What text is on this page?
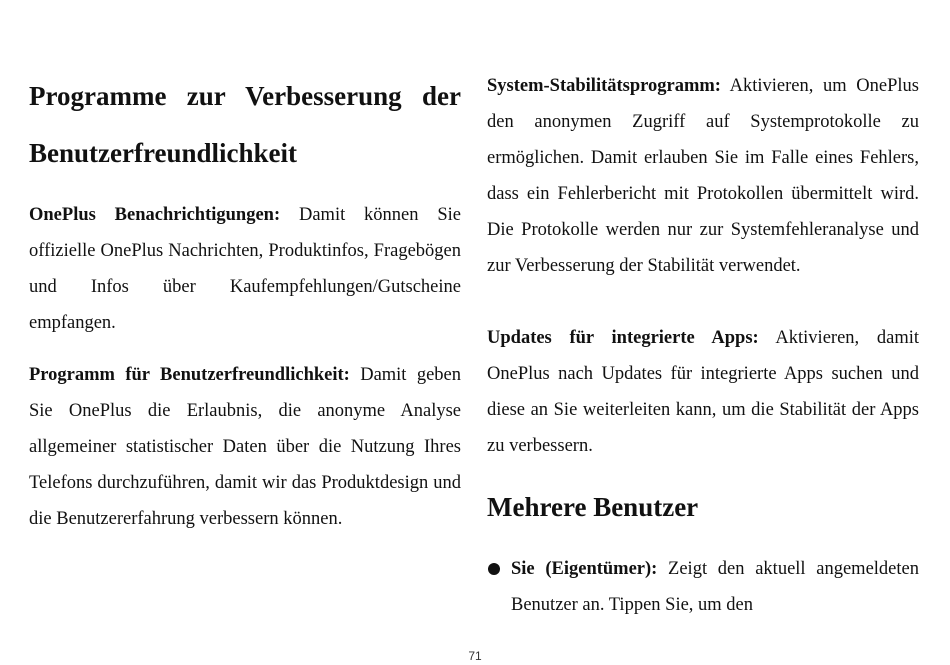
Programme zur Verbesserung der
Benutzerfreundlichkeit

OnePlus Benachrichtigungen: Damit können Sie offizielle OnePlus Nachrichten, Produktinfos, Fragebögen und Infos über Kaufempfehlungen/Gutscheine empfangen.

Programm für Benutzerfreundlichkeit: Damit geben Sie OnePlus die Erlaubnis, die anonyme Analyse allgemeiner statistischer Daten über die Nutzung Ihres Telefons durchzuführen, damit wir das Produktdesign und die Benutzererfahrung verbessern können.

System-Stabilitätsprogramm: Aktivieren, um OnePlus den anonymen Zugriff auf Systemprotokolle zu ermöglichen. Damit erlauben Sie im Falle eines Fehlers, dass ein Fehlerbericht mit Protokollen übermittelt wird. Die Protokolle werden nur zur Systemfehleranalyse und zur Verbesserung der Stabilität verwendet.

Updates für integrierte Apps: Aktivieren, damit OnePlus nach Updates für integrierte Apps suchen und diese an Sie weiterleiten kann, um die Stabilität der Apps zu verbessern.

Mehrere Benutzer
Sie (Eigentümer): Zeigt den aktuell angemeldeten Benutzer an. Tippen Sie, um den
71
